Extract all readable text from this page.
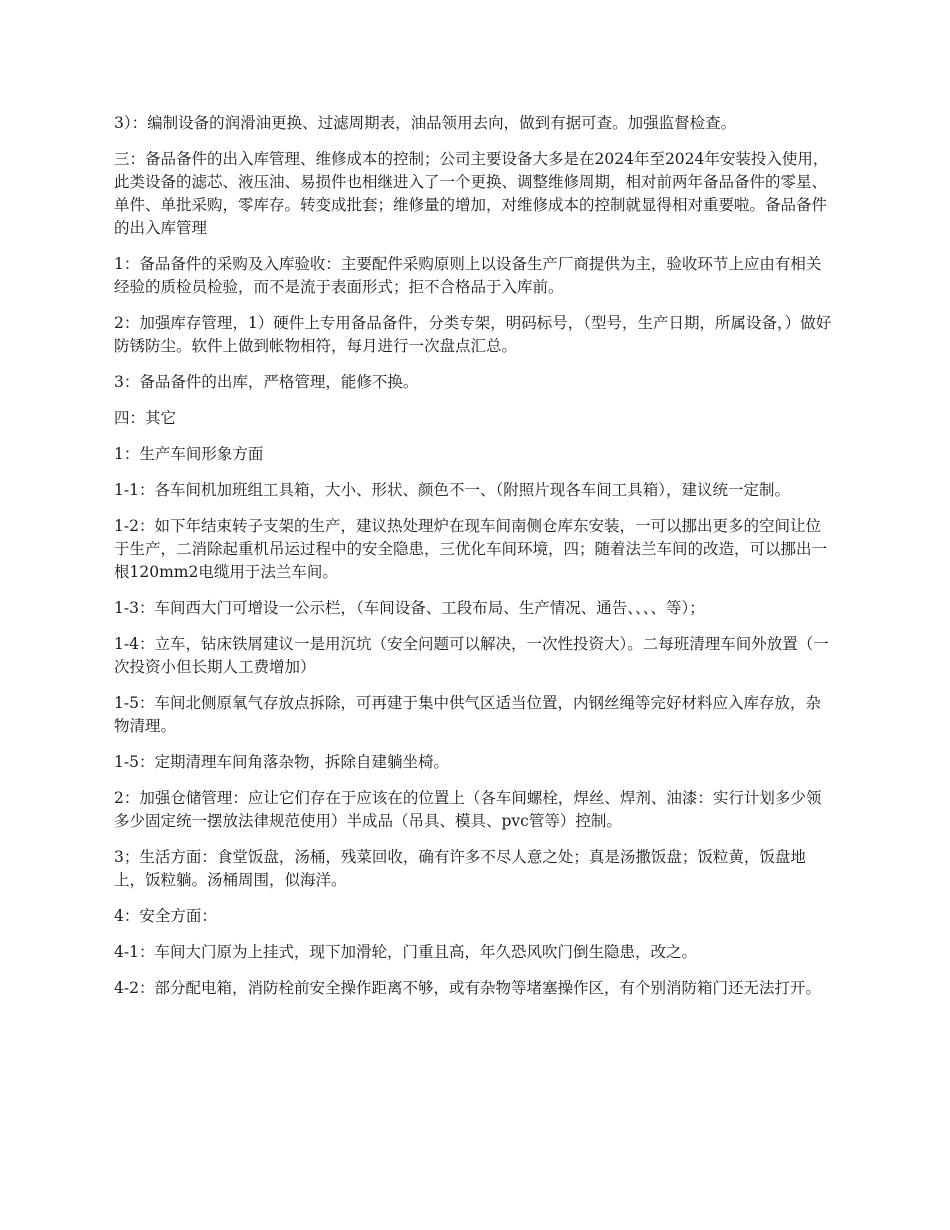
3）：编制设备的润滑油更换、过滤周期表，油品领用去向，做到有据可查。加强监督检查。

三：备品备件的出入库管理、维修成本的控制；公司主要设备大多是在2024年至2024年安装投入使用，此类设备的滤芯、液压油、易损件也相继进入了一个更换、调整维修周期，相对前两年备品备件的零星、单件、单批采购，零库存。转变成批套；维修量的增加，对维修成本的控制就显得相对重要啦。备品备件的出入库管理

1：备品备件的采购及入库验收：主要配件采购原则上以设备生产厂商提供为主，验收环节上应由有相关经验的质检员检验，而不是流于表面形式；拒不合格品于入库前。

2：加强库存管理，1）硬件上专用备品备件，分类专架，明码标号，（型号，生产日期，所属设备，）做好防锈防尘。软件上做到帐物相符，每月进行一次盘点汇总。

3：备品备件的出库，严格管理，能修不换。

四：其它

1：生产车间形象方面

1-1：各车间机加班组工具箱，大小、形状、颜色不一、（附照片现各车间工具箱），建议统一定制。

1-2：如下年结束转子支架的生产，建议热处理炉在现车间南侧仓库东安装，一可以挪出更多的空间让位于生产，二消除起重机吊运过程中的安全隐患，三优化车间环境，四；随着法兰车间的改造，可以挪出一根120mm2电缆用于法兰车间。

1-3：车间西大门可增设一公示栏，（车间设备、工段布局、生产情况、通告、、、、等）；

1-4：立车，钻床铁屑建议一是用沉坑（安全问题可以解决，一次性投资大）。二每班清理车间外放置（一次投资小但长期人工费增加）

1-5：车间北侧原氧气存放点拆除，可再建于集中供气区适当位置，内钢丝绳等完好材料应入库存放，杂物清理。

1-5：定期清理车间角落杂物，拆除自建躺坐椅。

2：加强仓储管理：应让它们存在于应该在的位置上（各车间螺栓，焊丝、焊剂、油漆：实行计划多少领多少固定统一摆放法律规范使用）半成品（吊具、模具、pvc管等）控制。

3；生活方面：食堂饭盘，汤桶，残菜回收，确有许多不尽人意之处；真是汤撒饭盘；饭粒黄，饭盘地上，饭粒躺。汤桶周围，似海洋。

4：安全方面：

4-1：车间大门原为上挂式，现下加滑轮，门重且高，年久恐风吹门倒生隐患，改之。

4-2：部分配电箱，消防栓前安全操作距离不够，或有杂物等堵塞操作区，有个别消防箱门还无法打开。
